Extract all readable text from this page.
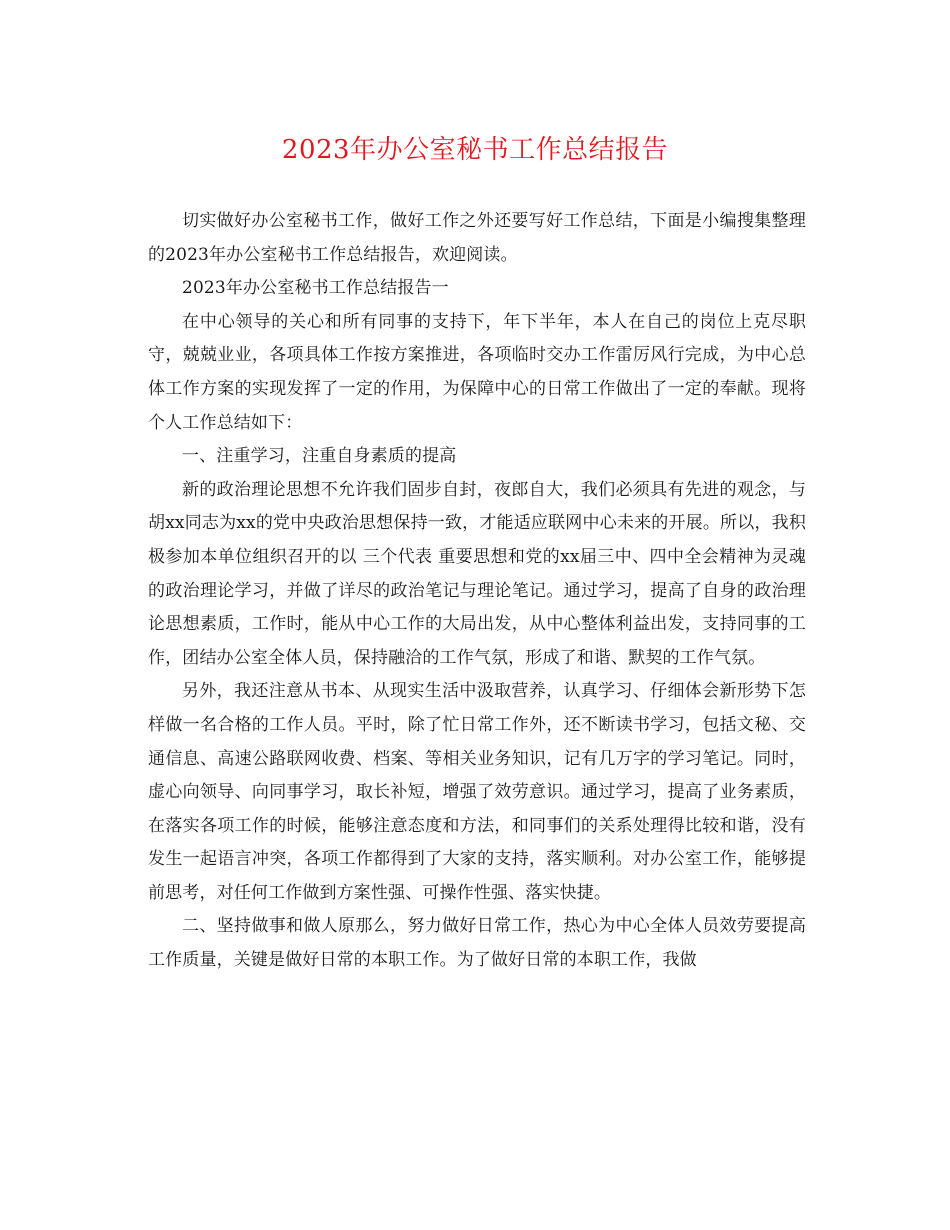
2023年办公室秘书工作总结报告

切实做好办公室秘书工作，做好工作之外还要写好工作总结，下面是小编搜集整理的2023年办公室秘书工作总结报告，欢迎阅读。

2023年办公室秘书工作总结报告一

在中心领导的关心和所有同事的支持下，年下半年，本人在自己的岗位上克尽职守，兢兢业业，各项具体工作按方案推进，各项临时交办工作雷厉风行完成，为中心总体工作方案的实现发挥了一定的作用，为保障中心的日常工作做出了一定的奉献。现将个人工作总结如下：

一、注重学习，注重自身素质的提高

新的政治理论思想不允许我们固步自封，夜郎自大，我们必须具有先进的观念，与胡xx同志为xx的党中央政治思想保持一致，才能适应联网中心未来的开展。所以，我积极参加本单位组织召开的以 三个代表 重要思想和党的xx届三中、四中全会精神为灵魂的政治理论学习，并做了详尽的政治笔记与理论笔记。通过学习，提高了自身的政治理论思想素质，工作时，能从中心工作的大局出发，从中心整体利益出发，支持同事的工作，团结办公室全体人员，保持融洽的工作气氛，形成了和谐、默契的工作气氛。

另外，我还注意从书本、从现实生活中汲取营养，认真学习、仔细体会新形势下怎样做一名合格的工作人员。平时，除了忙日常工作外，还不断读书学习，包括文秘、交通信息、高速公路联网收费、档案、等相关业务知识，记有几万字的学习笔记。同时，虚心向领导、向同事学习，取长补短，增强了效劳意识。通过学习，提高了业务素质，在落实各项工作的时候，能够注意态度和方法，和同事们的关系处理得比较和谐，没有发生一起语言冲突，各项工作都得到了大家的支持，落实顺利。对办公室工作，能够提前思考，对任何工作做到方案性强、可操作性强、落实快捷。

二、坚持做事和做人原那么，努力做好日常工作，热心为中心全体人员效劳要提高工作质量，关键是做好日常的本职工作。为了做好日常的本职工作，我做
